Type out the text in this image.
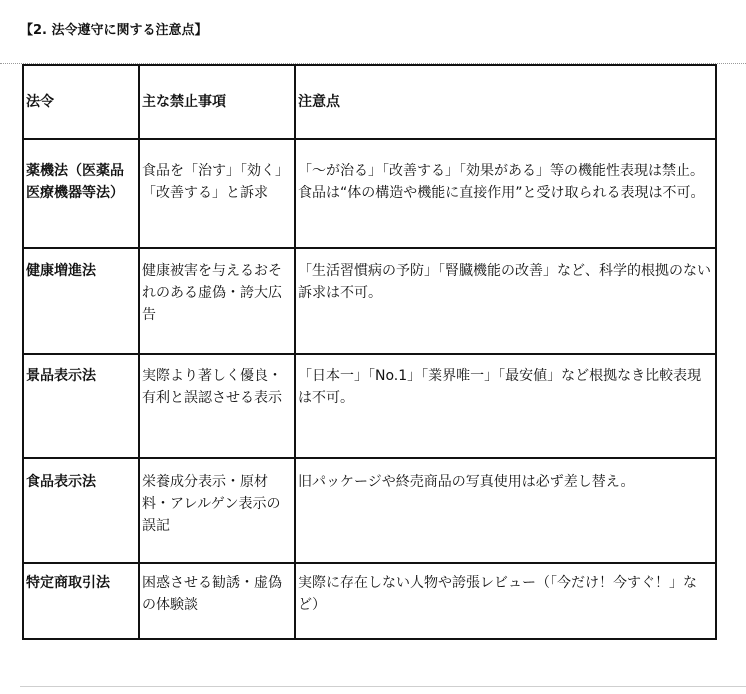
【2. 法令遵守に関する注意点】
法令	主な禁止事項	注意点
薬機法（医薬品医療機器等法）	食品を「治す」「効く」「改善する」と訴求	「〜が治る」「改善する」「効果がある」等の機能性表現は禁止。食品は“体の構造や機能に直接作用”と受け取られる表現は不可。
健康増進法	健康被害を与えるおそれのある虚偽・誇大広告	「生活習慣病の予防」「腎臓機能の改善」など、科学的根拠のない訴求は不可。
景品表示法	実際より著しく優良・有利と誤認させる表示	「日本一」「No.1」「業界唯一」「最安値」など根拠なき比較表現は不可。
食品表示法	栄養成分表示・原材料・アレルゲン表示の誤記	旧パッケージや終売商品の写真使用は必ず差し替え。
特定商取引法	困惑させる勧誘・虚偽の体験談	実際に存在しない人物や誇張レビュー（「今だけ！今すぐ！」など）
